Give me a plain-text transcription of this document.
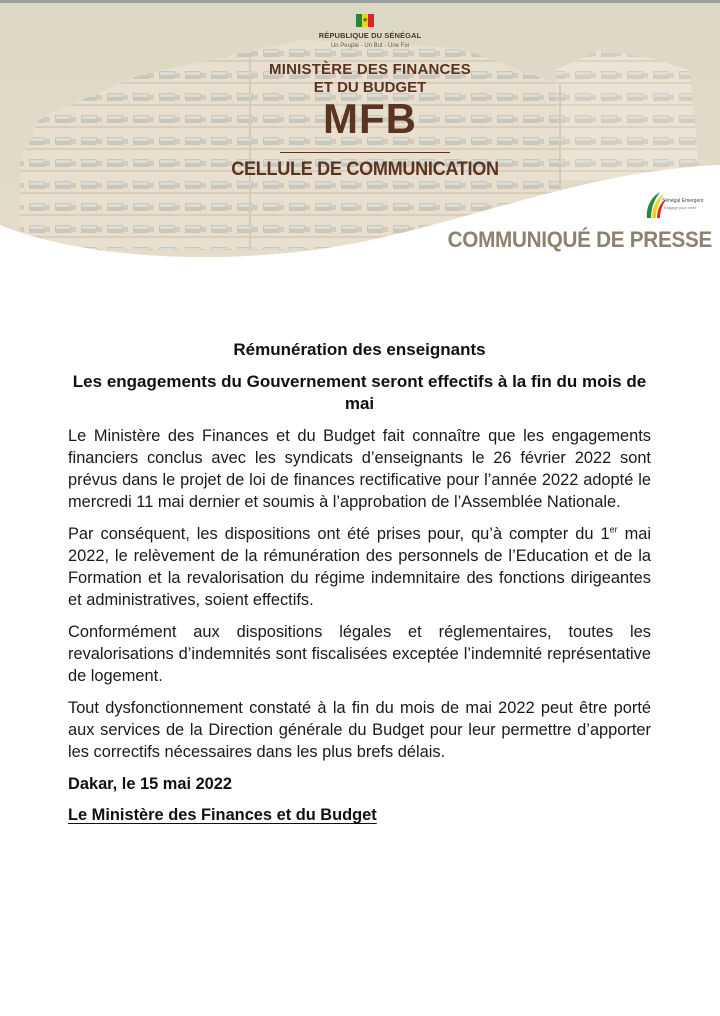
★
RÉPUBLIQUE DU SÉNÉGAL
Un Peuple - Un But - Une Foi
MINISTÈRE DES FINANCES
ET DU BUDGET
MFB
CELLULE DE COMMUNICATION
Sénégal Emergent
Engagé pour vivre
COMMUNIQUÉ DE PRESSE

Rémunération des enseignants

Les engagements du Gouvernement seront effectifs à la fin du mois de mai

Le Ministère des Finances et du Budget fait connaître que les engagements financiers conclus avec les syndicats d’enseignants le 26 février 2022 sont prévus dans le projet de loi de finances rectificative pour l’année 2022 adopté le mercredi 11 mai dernier et soumis à l’approbation de l’Assemblée Nationale.

Par conséquent, les dispositions ont été prises pour, qu’à compter du 1er mai 2022, le relèvement de la rémunération des personnels de l’Education et de la Formation et la revalorisation du régime indemnitaire des fonctions dirigeantes et administratives, soient effectifs.

Conformément aux dispositions légales et réglementaires, toutes les revalorisations d’indemnités sont fiscalisées exceptée l’indemnité représentative de logement.

Tout dysfonctionnement constaté à la fin du mois de mai 2022 peut être porté aux services de la Direction générale du Budget pour leur permettre d’apporter les correctifs nécessaires dans les plus brefs délais.

Dakar, le 15 mai 2022

Le Ministère des Finances et du Budget
